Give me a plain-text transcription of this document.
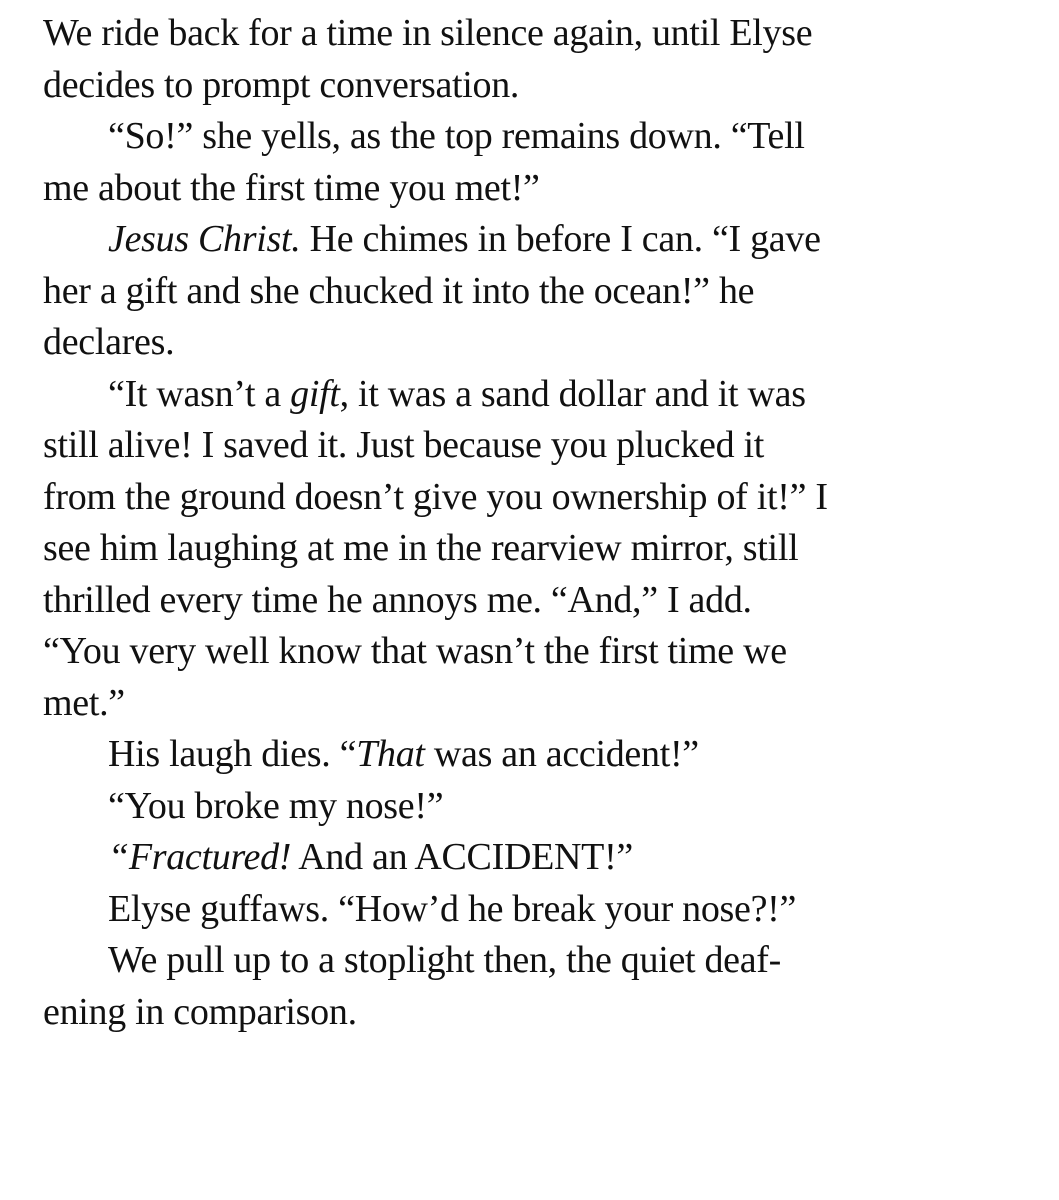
We ride back for a time in silence again, until Elyse
decides to prompt conversation.
“So!” she yells, as the top remains down. “Tell
me about the first time you met!”
Jesus Christ. He chimes in before I can. “I gave
her a gift and she chucked it into the ocean!” he
declares.
“It wasn’t a gift, it was a sand dollar and it was
still alive! I saved it. Just because you plucked it
from the ground doesn’t give you ownership of it!” I
see him laughing at me in the rearview mirror, still
thrilled every time he annoys me. “And,” I add.
“You very well know that wasn’t the first time we
met.”
His laugh dies. “That was an accident!”
“You broke my nose!”
“Fractured! And an ACCIDENT!”
Elyse guffaws. “How’d he break your nose?!”
We pull up to a stoplight then, the quiet deaf-
ening in comparison.
